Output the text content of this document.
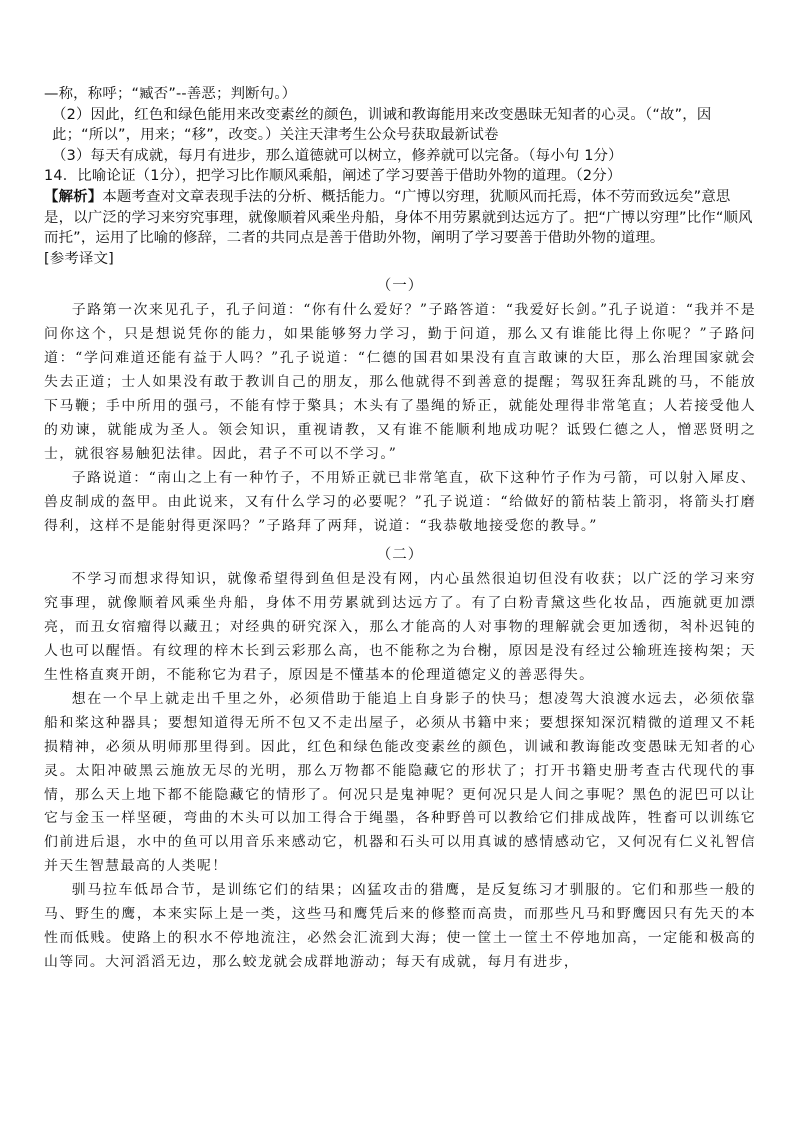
—称，称呼；“臧否”--善恶；判断句。）

（2）因此，红色和绿色能用来改变素丝的颜色，训诫和教诲能用来改变愚昧无知者的心灵。（“故”，因此；“所以”，用来；“移”，改变。）关注天津考生公众号获取最新试卷

（3）每天有成就，每月有进步，那么道德就可以树立，修养就可以完备。（每小句 1分）

14．比喻论证（1分），把学习比作顺风乘船，阐述了学习要善于借助外物的道理。（2分）

【解析】本题考查对文章表现手法的分析、概括能力。“广博以穷理，犹顺风而托焉，体不劳而致远矣”意思是，以广泛的学习来穷究事理，就像顺着风乘坐舟船，身体不用劳累就到达远方了。把“广博以穷理”比作“顺风而托”，运用了比喻的修辞，二者的共同点是善于借助外物，阐明了学习要善于借助外物的道理。

[参考译文]

（一）

子路第一次来见孔子，孔子问道：“你有什么爱好？”子路答道：“我爱好长剑。”孔子说道：“我并不是问你这个，只是想说凭你的能力，如果能够努力学习，勤于问道，那么又有谁能比得上你呢？”子路问道：“学问难道还能有益于人吗？”孔子说道：“仁德的国君如果没有直言敢谏的大臣，那么治理国家就会失去正道；士人如果没有敢于教训自己的朋友，那么他就得不到善意的提醒；驾驭狂奔乱跳的马，不能放下马鞭；手中所用的强弓，不能有悖于檠具；木头有了墨绳的矫正，就能处理得非常笔直；人若接受他人的劝谏，就能成为圣人。领会知识，重视请教，又有谁不能顺利地成功呢？诋毁仁德之人，憎恶贤明之士，就很容易触犯法律。因此，君子不可以不学习。”

子路说道：“南山之上有一种竹子，不用矫正就已非常笔直，砍下这种竹子作为弓箭，可以射入犀皮、兽皮制成的盔甲。由此说来，又有什么学习的必要呢？”孔子说道：“给做好的箭枯装上箭羽，将箭头打磨得利，这样不是能射得更深吗？”子路拜了两拜，说道：“我恭敬地接受您的教导。”

（二）

不学习而想求得知识，就像希望得到鱼但是没有网，内心虽然很迫切但没有收获；以广泛的学习来穷究事理，就像顺着风乘坐舟船，身体不用劳累就到达远方了。有了白粉青黛这些化妆品，西施就更加漂亮，而丑女宿瘤得以藏丑；对经典的研究深入，那么才能高的人对事物的理解就会更加透彻，척朴迟钝的人也可以醒悟。有纹理的梓木长到云彩那么高，也不能称之为台榭，原因是没有经过公输班连接构架；天生性格直爽开朗，不能称它为君子，原因是不懂基本的伦理道德定义的善恶得失。

想在一个早上就走出千里之外，必须借助于能追上自身影子的快马；想凌驾大浪渡水远去，必须依靠船和桨这种器具；要想知道得无所不包又不走出屋子，必须从书籍中来；要想探知深沉精微的道理又不耗损精神，必须从明师那里得到。因此，红色和绿色能改变素丝的颜色，训诫和教诲能改变愚昧无知者的心灵。太阳冲破黑云施放无尽的光明，那么万物都不能隐藏它的形状了；打开书籍史册考查古代现代的事情，那么天上地下都不能隐藏它的情形了。何况只是鬼神呢？更何况只是人间之事呢？黑色的泥巴可以让它与金玉一样坚硬，弯曲的木头可以加工得合于绳墨，各种野兽可以教给它们排成战阵，牲畜可以训练它们前进后退，水中的鱼可以用音乐来感动它，机器和石头可以用真诚的感情感动它，又何况有仁义礼智信并天生智慧最高的人类呢！

驯马拉车低昂合节，是训练它们的结果；凶猛攻击的猎鹰，是反复练习才驯服的。它们和那些一般的马、野生的鹰，本来实际上是一类，这些马和鹰凭后来的修整而高贵，而那些凡马和野鹰因只有先天的本性而低贱。使路上的积水不停地流注，必然会汇流到大海；使一筐土一筐土不停地加高，一定能和极高的山等同。大河滔滔无边，那么蛟龙就会成群地游动；每天有成就，每月有进步，
